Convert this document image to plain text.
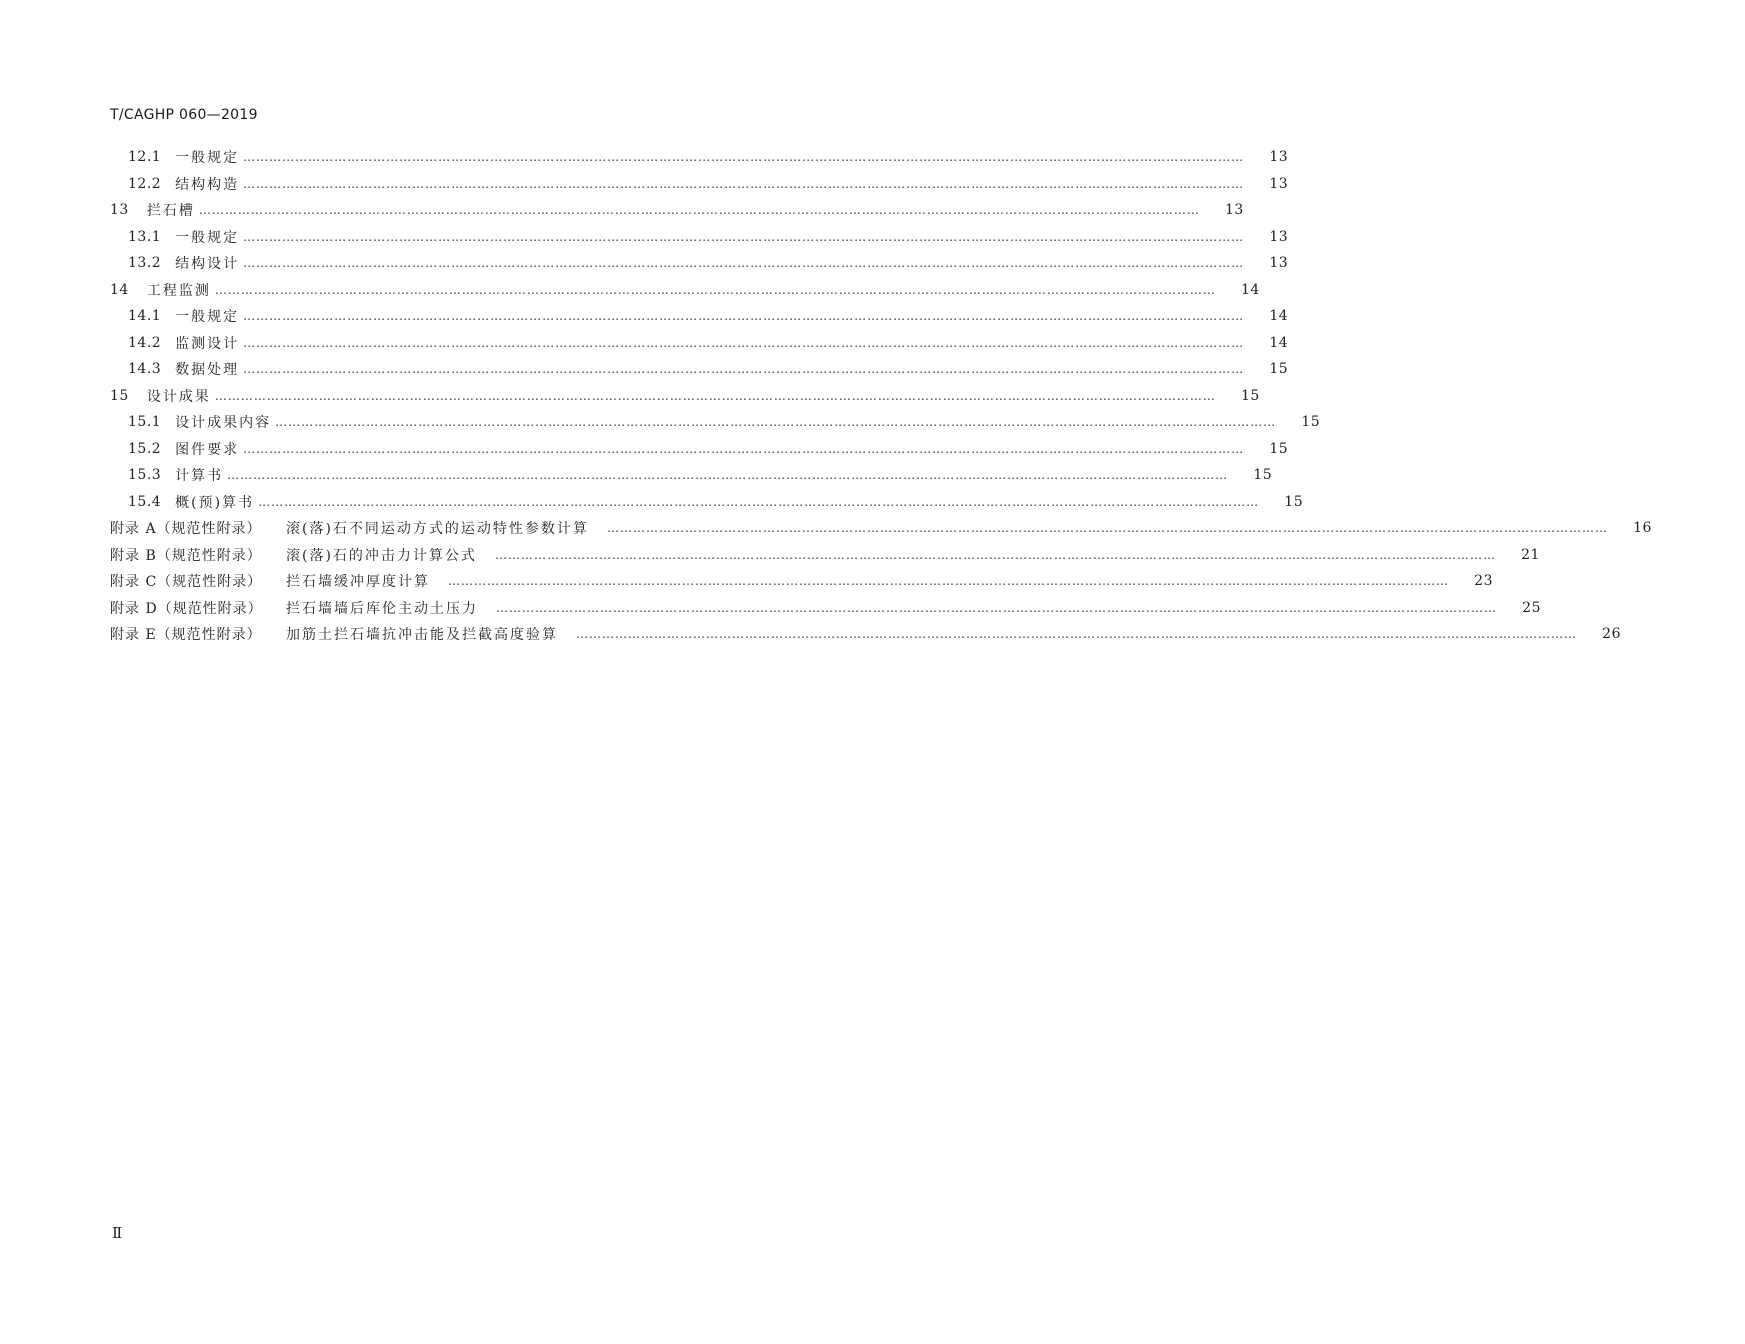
T/CAGHP 060—2019
12.1 一般规定 ……………………………………………………………………………………………………………………………………………………………………………………………………………	13
12.2 结构构造 ……………………………………………………………………………………………………………………………………………………………………………………………………………	13
13 拦石槽 ……………………………………………………………………………………………………………………………………………………………………………………………………………	13
13.1 一般规定 ……………………………………………………………………………………………………………………………………………………………………………………………………………	13
13.2 结构设计 ……………………………………………………………………………………………………………………………………………………………………………………………………………	13
14 工程监测 ……………………………………………………………………………………………………………………………………………………………………………………………………………	14
14.1 一般规定 ……………………………………………………………………………………………………………………………………………………………………………………………………………	14
14.2 监测设计 ……………………………………………………………………………………………………………………………………………………………………………………………………………	14
14.3 数据处理 ……………………………………………………………………………………………………………………………………………………………………………………………………………	15
15 设计成果 ……………………………………………………………………………………………………………………………………………………………………………………………………………	15
15.1 设计成果内容 ……………………………………………………………………………………………………………………………………………………………………………………………………………	15
15.2 图件要求 ……………………………………………………………………………………………………………………………………………………………………………………………………………	15
15.3 计算书 ……………………………………………………………………………………………………………………………………………………………………………………………………………	15
15.4 概(预)算书 ……………………………………………………………………………………………………………………………………………………………………………………………………………	15
附录 A（规范性附录）	滚(落)石不同运动方式的运动特性参数计算 ……………………………………………………………………………………………………………………………………………………………………………………………………………	16
附录 B（规范性附录）	滚(落)石的冲击力计算公式 ……………………………………………………………………………………………………………………………………………………………………………………………………………	21
附录 C（规范性附录）	拦石墙缓冲厚度计算 ……………………………………………………………………………………………………………………………………………………………………………………………………………	23
附录 D（规范性附录）	拦石墙墙后库伦主动土压力 ……………………………………………………………………………………………………………………………………………………………………………………………………………	25
附录 E（规范性附录）	加筋土拦石墙抗冲击能及拦截高度验算 ……………………………………………………………………………………………………………………………………………………………………………………………………………	26
Ⅱ
